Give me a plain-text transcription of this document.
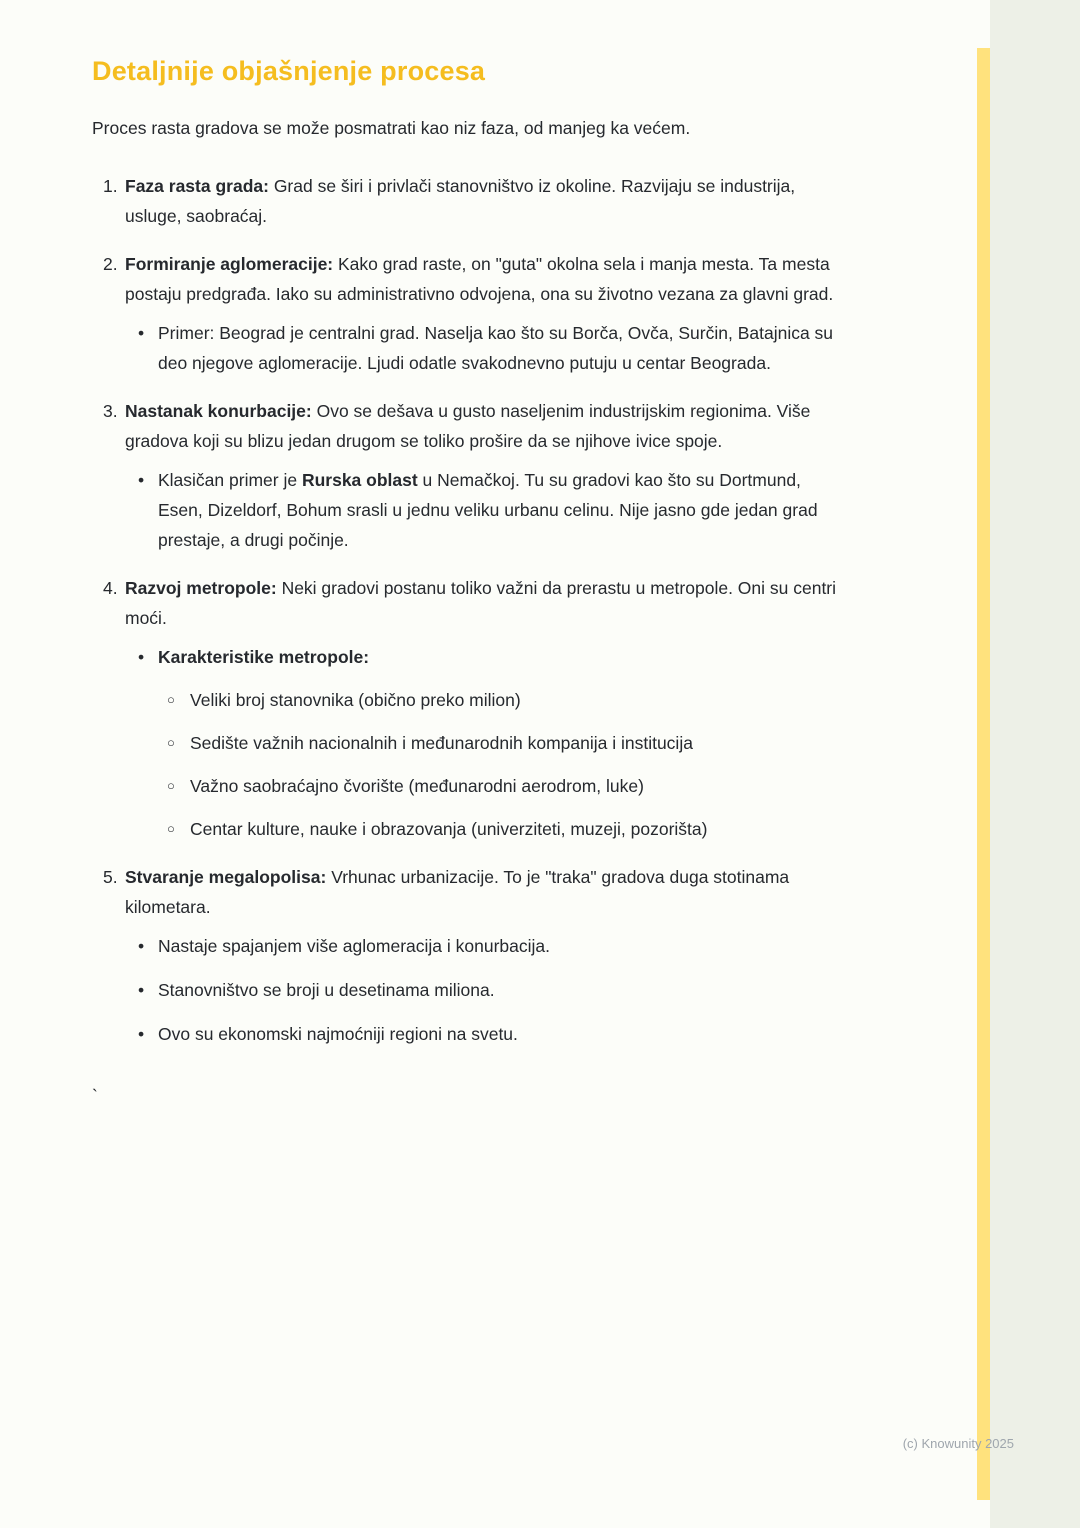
Detaljnije objašnjenje procesa

Proces rasta gradova se može posmatrati kao niz faza, od manjeg ka većem.

1. Faza rasta grada: Grad se širi i privlači stanovništvo iz okoline. Razvijaju se industrija, usluge, saobraćaj.

2. Formiranje aglomeracije: Kako grad raste, on "guta" okolna sela i manja mesta. Ta mesta postaju predgrađa. Iako su administrativno odvojena, ona su životno vezana za glavni grad.

• Primer: Beograd je centralni grad. Naselja kao što su Borča, Ovča, Surčin, Batajnica su deo njegove aglomeracije. Ljudi odatle svakodnevno putuju u centar Beograda.

3. Nastanak konurbacije: Ovo se dešava u gusto naseljenim industrijskim regionima. Više gradova koji su blizu jedan drugom se toliko prošire da se njihove ivice spoje.

• Klasičan primer je Rurska oblast u Nemačkoj. Tu su gradovi kao što su Dortmund, Esen, Dizeldorf, Bohum srasli u jednu veliku urbanu celinu. Nije jasno gde jedan grad prestaje, a drugi počinje.

4. Razvoj metropole: Neki gradovi postanu toliko važni da prerastu u metropole. Oni su centri moći.

• Karakteristike metropole:

○ Veliki broj stanovnika (obično preko milion)

○ Sedište važnih nacionalnih i međunarodnih kompanija i institucija

○ Važno saobraćajno čvorište (međunarodni aerodrom, luke)

○ Centar kulture, nauke i obrazovanja (univerziteti, muzeji, pozorišta)

5. Stvaranje megalopolisa: Vrhunac urbanizacije. To je "traka" gradova duga stotinama kilometara.

• Nastaje spajanjem više aglomeracija i konurbacija.

• Stanovništvo se broji u desetinama miliona.

• Ovo su ekonomski najmoćniji regioni na svetu.

`
(c) Knowunity 2025
